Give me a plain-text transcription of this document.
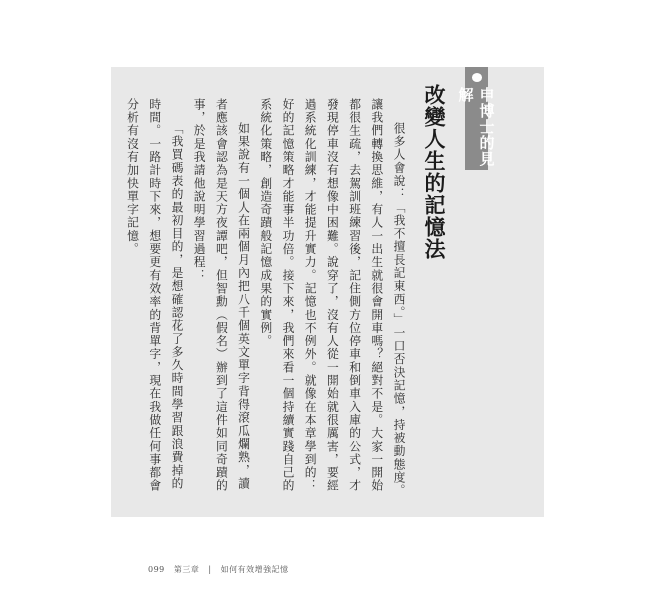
申博士的見解
改變人生的記憶法

很多人會說：「我不擅長記東西。」一口否決記憶，持被動態度。讓我們轉換思維，有人一出生就很會開車嗎？絕對不是。大家一開始都很生疏，去駕訓班練習後，記住側方位停車和倒車入庫的公式，才發現停車沒有想像中困難。說穿了，沒有人從一開始就很厲害，要經過系統化訓練，才能提升實力。記憶也不例外。就像在本章學到的：好的記憶策略才能事半功倍。接下來，我們來看一個持續實踐自己的系統化策略，創造奇蹟般記憶成果的實例。

如果說有一個人在兩個月內把八千個英文單字背得滾瓜爛熟，讀者應該會認為是天方夜譚吧，但智勳（假名）辦到了這件如同奇蹟的事，於是我請他說明學習過程：

「我買碼表的最初目的，是想確認花了多久時間學習跟浪費掉的時間。一路計時下來，想要更有效率的背單字，現在我做任何事都會分析有沒有加快單字記憶。

099 第三章 | 如何有效增強記憶
